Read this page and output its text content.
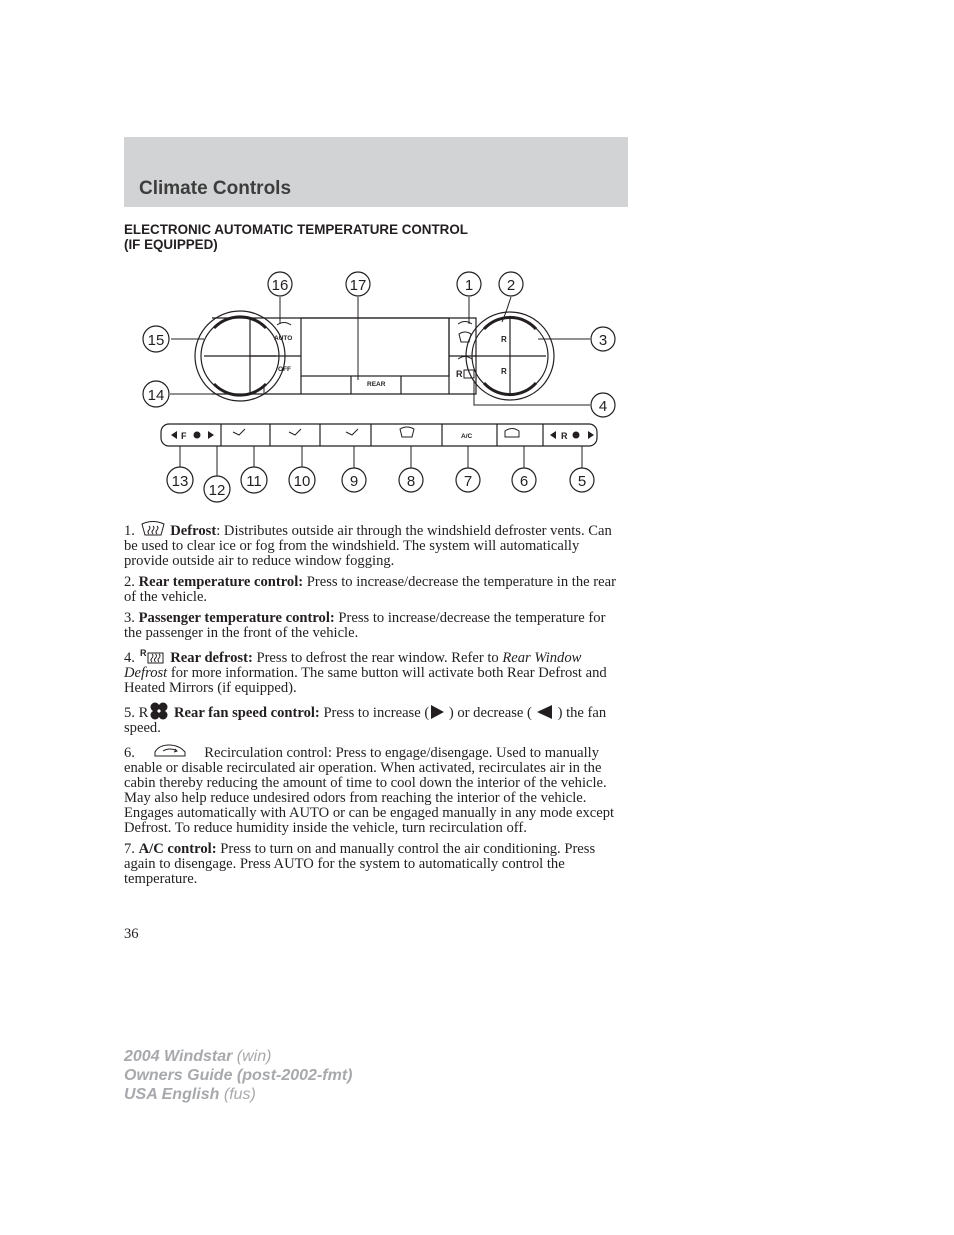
Climate Controls
ELECTRONIC AUTOMATIC TEMPERATURE CONTROL
(IF EQUIPPED)
AUTO
OFF
REAR
R
R
R
A/C
F	R
16	17	1 2
15	3
14
4
13
12
11 10	9	8	7	6	5

1. Defrost: Distributes outside air through the windshield defroster vents. Can be used to clear ice or fog from the windshield. The system will automatically provide outside air to reduce window fogging.

2. Rear temperature control: Press to increase/decrease the temperature in the rear of the vehicle.

3. Passenger temperature control: Press to increase/decrease the temperature for the passenger in the front of the vehicle.

4. R Rear defrost: Press to defrost the rear window. Refer to Rear Window Defrost for more information. The same button will activate both Rear Defrost and Heated Mirrors (if equipped).

5. R Rear fan speed control: Press to increase ( ) or decrease ( ) the fan speed.

6.	Recirculation control: Press to engage/disengage. Used to manually enable or disable recirculated air operation. When activated, recirculates air in the cabin thereby reducing the amount of time to cool down the interior of the vehicle. May also help reduce undesired odors from reaching the interior of the vehicle. Engages automatically with AUTO or can be engaged manually in any mode except Defrost. To reduce humidity inside the vehicle, turn recirculation off.

7. A/C control: Press to turn on and manually control the air conditioning. Press again to disengage. Press AUTO for the system to automatically control the temperature.

36
2004 Windstar (win)
Owners Guide (post-2002-fmt)
USA English (fus)
